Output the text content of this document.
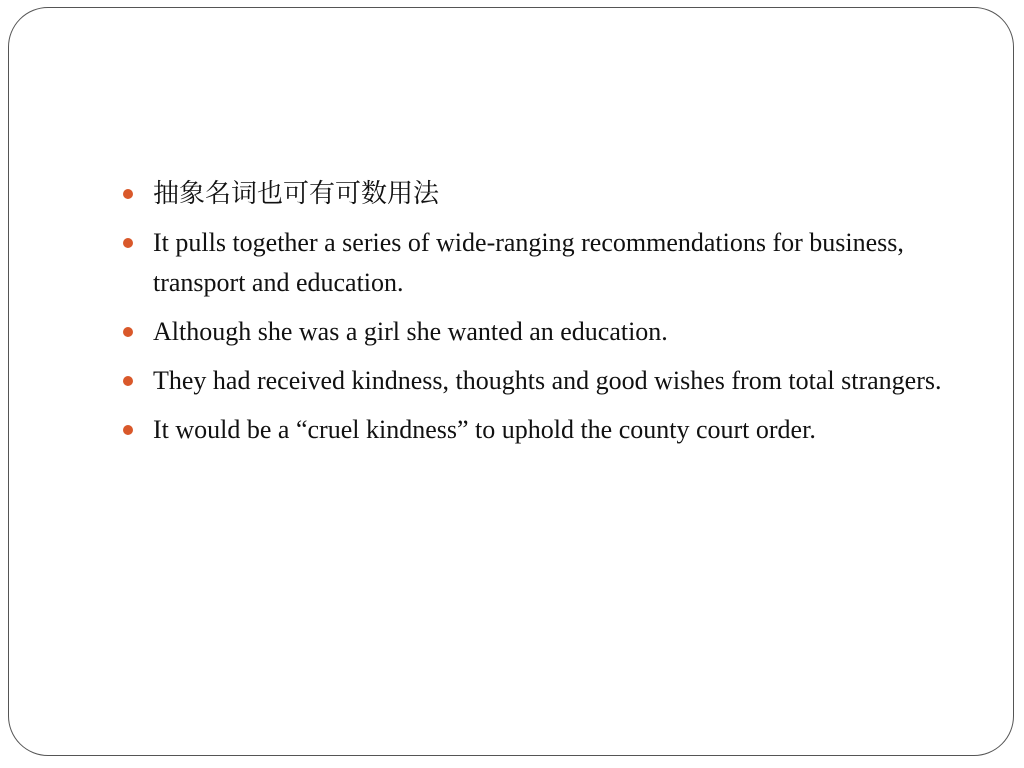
抽象名词也可有可数用法
It pulls together a series of wide-ranging recommendations for business, transport and education.
Although she was a girl she wanted an education.
They had received kindness, thoughts and good wishes from total strangers.
It would be a “cruel kindness” to uphold the county court order.
